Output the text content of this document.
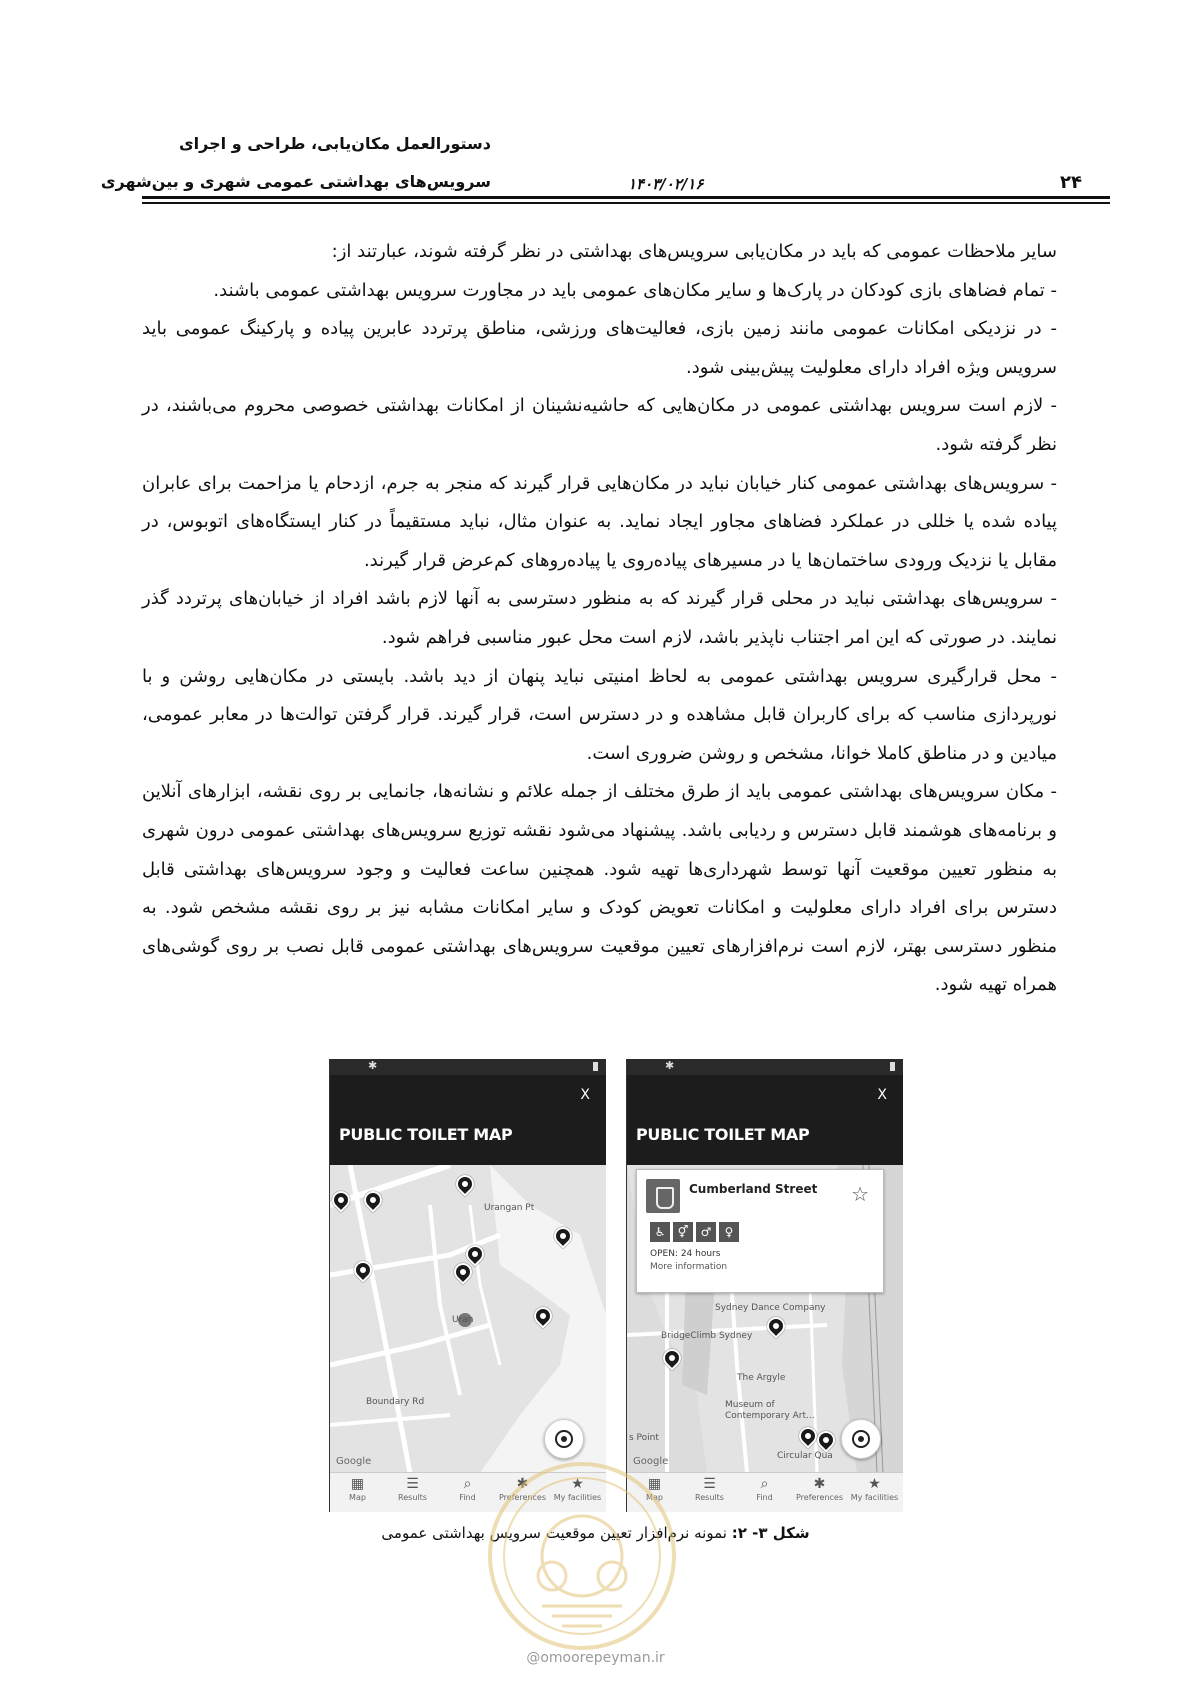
دستورالعمل مکان‌یابی، طراحی و اجرای
سرویس‌های بهداشتی عمومی شهری و بین‌شهری	۱۴۰۳/۰۲/۱۶	۲۴

سایر ملاحظات عمومی که باید در مکان‌یابی سرویس‌های بهداشتی در نظر گرفته شوند، عبارتند از:

- تمام فضاهای بازی کودکان در پارک‌ها و سایر مکان‌های عمومی باید در مجاورت سرویس بهداشتی عمومی باشند.

- در نزدیکی امکانات عمومی مانند زمین بازی، فعالیت‌های ورزشی، مناطق پرتردد عابرین پیاده و پارکینگ عمومی باید سرویس ویژه افراد دارای معلولیت پیش‌بینی شود.

- لازم است سرویس بهداشتی عمومی در مکان‌هایی که حاشیه‌نشینان از امکانات بهداشتی خصوصی محروم می‌باشند، در نظر گرفته شود.

- سرویس‌های بهداشتی عمومی کنار خیابان نباید در مکان‌هایی قرار گیرند که منجر به جرم، ازدحام یا مزاحمت برای عابران پیاده شده یا خللی در عملکرد فضاهای مجاور ایجاد نماید. به عنوان مثال، نباید مستقیماً در کنار ایستگاه‌های اتوبوس، در مقابل یا نزدیک ورودی ساختمان‌ها یا در مسیرهای پیاده‌روی یا پیاده‌روهای کم‌عرض قرار گیرند.

- سرویس‌های بهداشتی نباید در محلی قرار گیرند که به منظور دسترسی به آنها لازم باشد افراد از خیابان‌های پرتردد گذر نمایند. در صورتی که این امر اجتناب ناپذیر باشد، لازم است محل عبور مناسبی فراهم شود.

- محل قرارگیری سرویس بهداشتی عمومی به لحاظ امنیتی نباید پنهان از دید باشد. بایستی در مکان‌هایی روشن و با نورپردازی مناسب که برای کاربران قابل مشاهده و در دسترس است، قرار گیرند. قرار گرفتن توالت‌ها در معابر عمومی، میادین و در مناطق کاملا خوانا، مشخص و روشن ضروری است.

- مکان سرویس‌های بهداشتی عمومی باید از طرق مختلف از جمله علائم و نشانه‌ها، جانمایی بر روی نقشه، ابزارهای آنلاین و برنامه‌های هوشمند قابل دسترس و ردیابی باشد. پیشنهاد می‌شود نقشه توزیع سرویس‌های بهداشتی عمومی درون شهری به منظور تعیین موقعیت آنها توسط شهرداری‌ها تهیه شود. همچنین ساعت فعالیت و وجود سرویس‌های بهداشتی قابل دسترس برای افراد دارای معلولیت و امکانات تعویض کودک و سایر امکانات مشابه نیز بر روی نقشه مشخص شود. به منظور دسترسی بهتر، لازم است نرم‌افزارهای تعیین موقعیت سرویس‌های بهداشتی عمومی قابل نصب بر روی گوشی‌های همراه تهیه شود.

✱
X
PUBLIC TOILET MAP
Urangan Pt
Uran
Boundary Rd
Google
▦
Map
☰
Results
⌕
Find
✱
Preferences
★
My facilities
✱
X
PUBLIC TOILET MAP
Sydney Dance Company
BridgeClimb Sydney
The Argyle
Museum of
Contemporary Art...
s Point
Circular Qua
Google
Cumberland Street ☆
♿	⚥	♂	♀
OPEN: 24 hours
More information
▦
Map
☰
Results
⌕
Find
✱
Preferences
★
My facilities
شکل ۳- ۲: نمونه نرم‌افزار تعیین موقعیت سرویس بهداشتی عمومی
@omoorepeyman.ir
